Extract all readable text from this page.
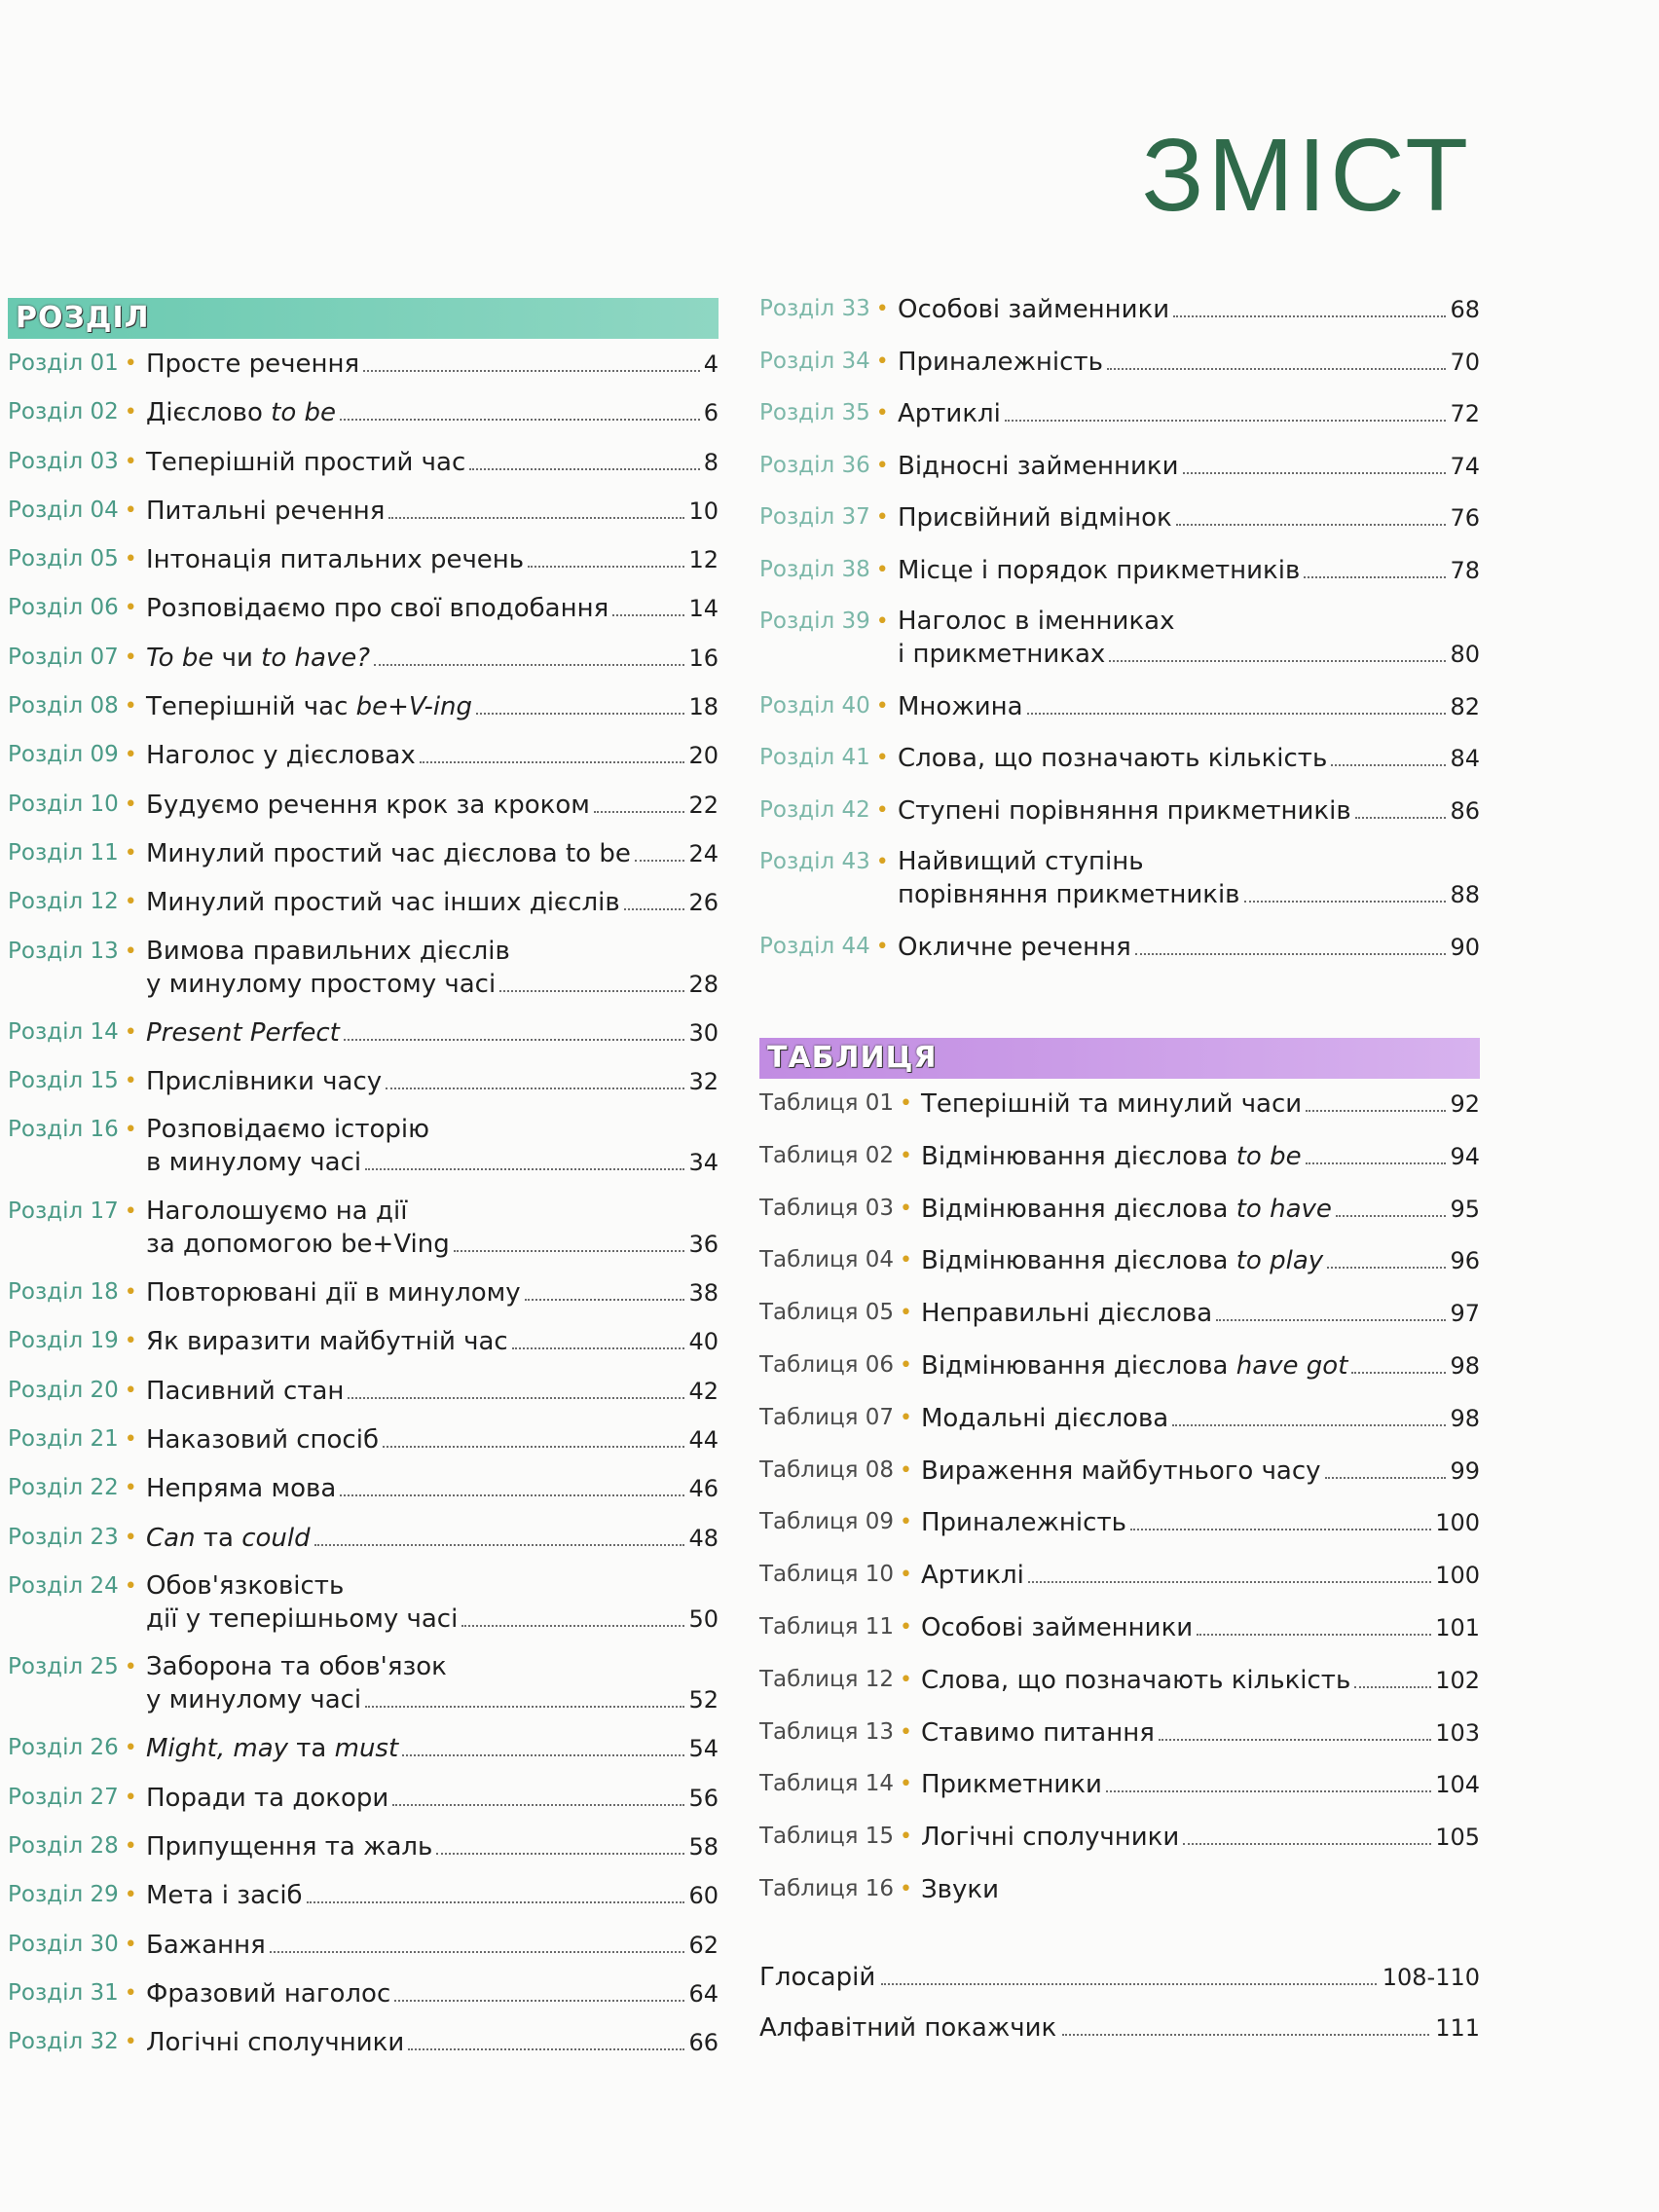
ЗМІСТ
РОЗДІЛ
Розділ 01 • Просте речення	4
Розділ 02 • Дієслово to be	6
Розділ 03 • Теперішній простий час	8
Розділ 04 • Питальні речення	10
Розділ 05 • Інтонація питальних речень	12
Розділ 06 • Розповідаємо про свої вподобання	14
Розділ 07 • To be чи to have?	16
Розділ 08 • Теперішній час be+V-ing	18
Розділ 09 • Наголос у дієсловах	20
Розділ 10 • Будуємо речення крок за кроком	22
Розділ 11 • Минулий простий час дієслова to be 24
Розділ 12 • Минулий простий час інших дієслів	26
Розділ 13 • Вимова правильних дієслів
у минулому простому часі	28
Розділ 14 • Present Perfect	30
Розділ 15 • Прислівники часу	32
Розділ 16 • Розповідаємо історію
в минулому часі	34
Розділ 17 • Наголошуємо на дії
за допомогою be+Ving	36
Розділ 18 • Повторювані дії в минулому	38
Розділ 19 • Як виразити майбутній час	40
Розділ 20 • Пасивний стан	42
Розділ 21 • Наказовий спосіб	44
Розділ 22 • Непряма мова	46
Розділ 23 • Can та could	48
Розділ 24 • Обов'язковість
дії у теперішньому часі	50
Розділ 25 • Заборона та обов'язок
у минулому часі	52
Розділ 26 • Might, may та must	54
Розділ 27 • Поради та докори	56
Розділ 28 • Припущення та жаль	58
Розділ 29 • Мета і засіб	60
Розділ 30 • Бажання	62
Розділ 31 • Фразовий наголос	64
Розділ 32 • Логічні сполучники	66
Розділ 33 • Особові займенники	68
Розділ 34 • Приналежність	70
Розділ 35 • Артиклі	72
Розділ 36 • Відносні займенники	74
Розділ 37 • Присвійний відмінок	76
Розділ 38 • Місце і порядок прикметників	78
Розділ 39 • Наголос в іменниках
і прикметниках	80
Розділ 40 • Множина	82
Розділ 41 • Слова, що позначають кількість	84
Розділ 42 • Ступені порівняння прикметників	86
Розділ 43 • Найвищий ступінь
порівняння прикметників	88
Розділ 44 • Окличне речення	90
ТАБЛИЦЯ
Таблиця 01 • Теперішній та минулий часи	92
Таблиця 02 • Відмінювання дієслова to be	94
Таблиця 03 • Відмінювання дієслова to have	95
Таблиця 04 • Відмінювання дієслова to play	96
Таблиця 05 • Неправильні дієслова	97
Таблиця 06 • Відмінювання дієслова have got	98
Таблиця 07 • Модальні дієслова	98
Таблиця 08 • Вираження майбутнього часу	99
Таблиця 09 • Приналежність	100
Таблиця 10 • Артиклі	100
Таблиця 11 • Особові займенники	101
Таблиця 12 • Слова, що позначають кількість	102
Таблиця 13 • Ставимо питання	103
Таблиця 14 • Прикметники	104
Таблиця 15 • Логічні сполучники	105
Таблиця 16 • Звуки
Глосарій	108-110
Алфавітний покажчик	111
